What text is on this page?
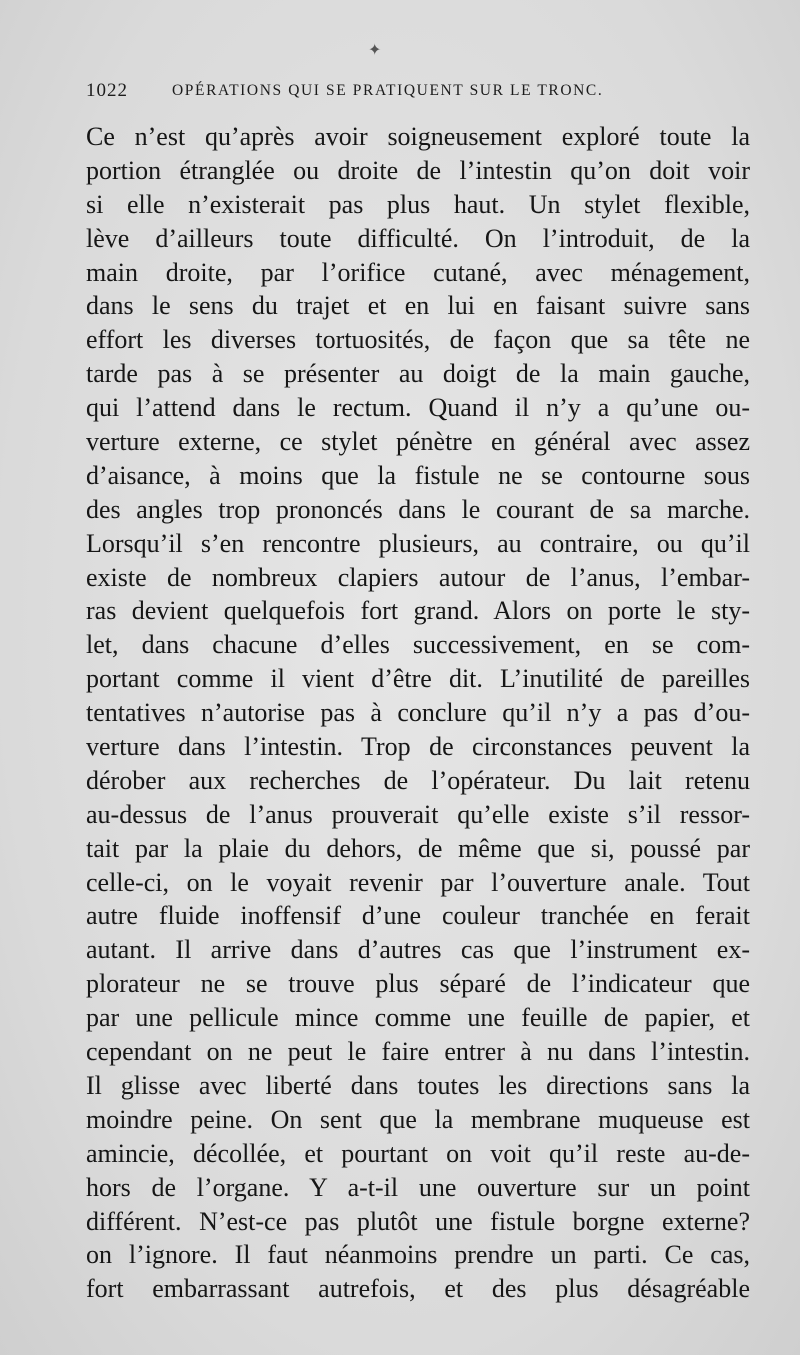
✦
1022	OPÉRATIONS QUI SE PRATIQUENT SUR LE TRONC.
Ce n’est qu’après avoir soigneusement exploré toute la
portion étranglée ou droite de l’intestin qu’on doit voir
si elle n’existerait pas plus haut. Un stylet flexible,
lève d’ailleurs toute difficulté. On l’introduit, de la
main droite, par l’orifice cutané, avec ménagement,
dans le sens du trajet et en lui en faisant suivre sans
effort les diverses tortuosités, de façon que sa tête ne
tarde pas à se présenter au doigt de la main gauche,
qui l’attend dans le rectum. Quand il n’y a qu’une ou-
verture externe, ce stylet pénètre en général avec assez
d’aisance, à moins que la fistule ne se contourne sous
des angles trop prononcés dans le courant de sa marche.
Lorsqu’il s’en rencontre plusieurs, au contraire, ou qu’il
existe de nombreux clapiers autour de l’anus, l’embar-
ras devient quelquefois fort grand. Alors on porte le sty-
let, dans chacune d’elles successivement, en se com-
portant comme il vient d’être dit. L’inutilité de pareilles
tentatives n’autorise pas à conclure qu’il n’y a pas d’ou-
verture dans l’intestin. Trop de circonstances peuvent la
dérober aux recherches de l’opérateur. Du lait retenu
au-dessus de l’anus prouverait qu’elle existe s’il ressor-
tait par la plaie du dehors, de même que si, poussé par
celle-ci, on le voyait revenir par l’ouverture anale. Tout
autre fluide inoffensif d’une couleur tranchée en ferait
autant. Il arrive dans d’autres cas que l’instrument ex-
plorateur ne se trouve plus séparé de l’indicateur que
par une pellicule mince comme une feuille de papier, et
cependant on ne peut le faire entrer à nu dans l’intestin.
Il glisse avec liberté dans toutes les directions sans la
moindre peine. On sent que la membrane muqueuse est
amincie, décollée, et pourtant on voit qu’il reste au-de-
hors de l’organe. Y a-t-il une ouverture sur un point
différent. N’est-ce pas plutôt une fistule borgne externe?
on l’ignore. Il faut néanmoins prendre un parti. Ce cas,
fort embarrassant autrefois, et des plus désagréable
